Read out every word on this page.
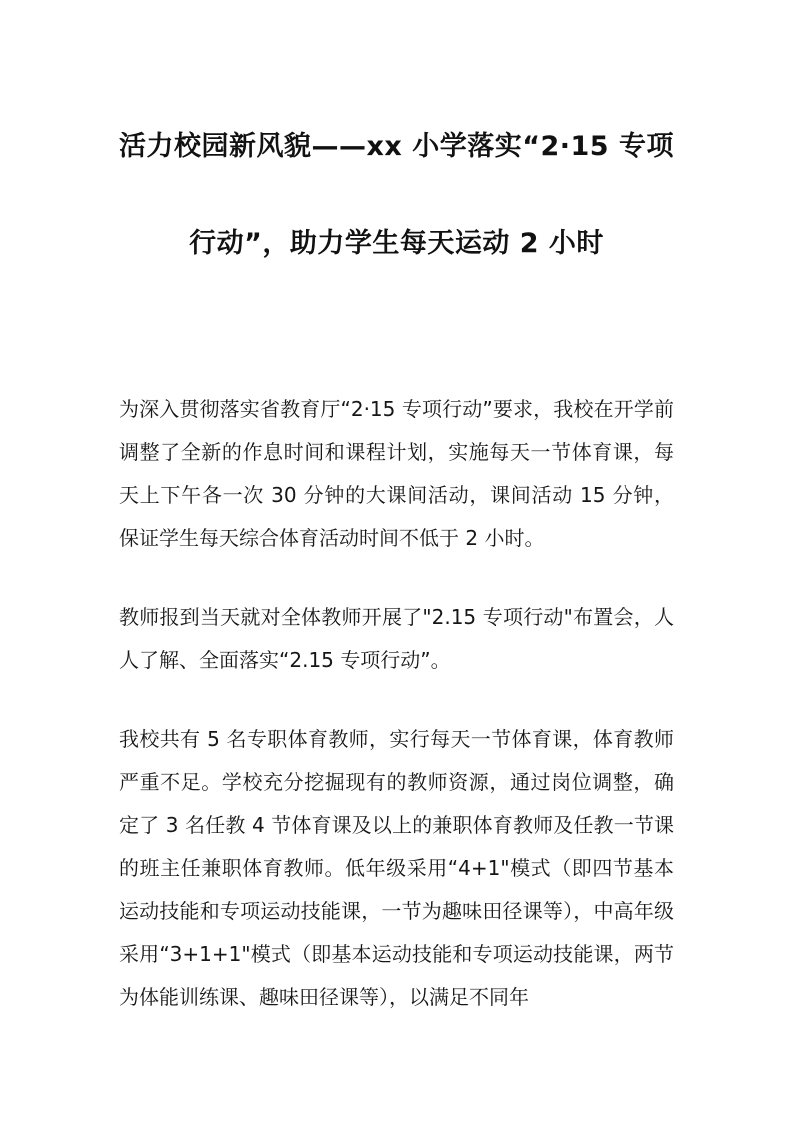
活力校园新风貌——xx 小学落实“2·15 专项
行动”，助力学生每天运动 2 小时

为深入贯彻落实省教育厅“2·15 专项行动”要求，我校在开学前调整了全新的作息时间和课程计划，实施每天一节体育课，每天上下午各一次 30 分钟的大课间活动，课间活动 15 分钟，保证学生每天综合体育活动时间不低于 2 小时。

教师报到当天就对全体教师开展了"2.15 专项行动"布置会，人人了解、全面落实“2.15 专项行动”。

我校共有 5 名专职体育教师，实行每天一节体育课，体育教师严重不足。学校充分挖掘现有的教师资源，通过岗位调整，确定了 3 名任教 4 节体育课及以上的兼职体育教师及任教一节课的班主任兼职体育教师。低年级采用“4+1"模式（即四节基本运动技能和专项运动技能课，一节为趣味田径课等），中高年级采用“3+1+1"模式（即基本运动技能和专项运动技能课，两节为体能训练课、趣味田径课等），以满足不同年
